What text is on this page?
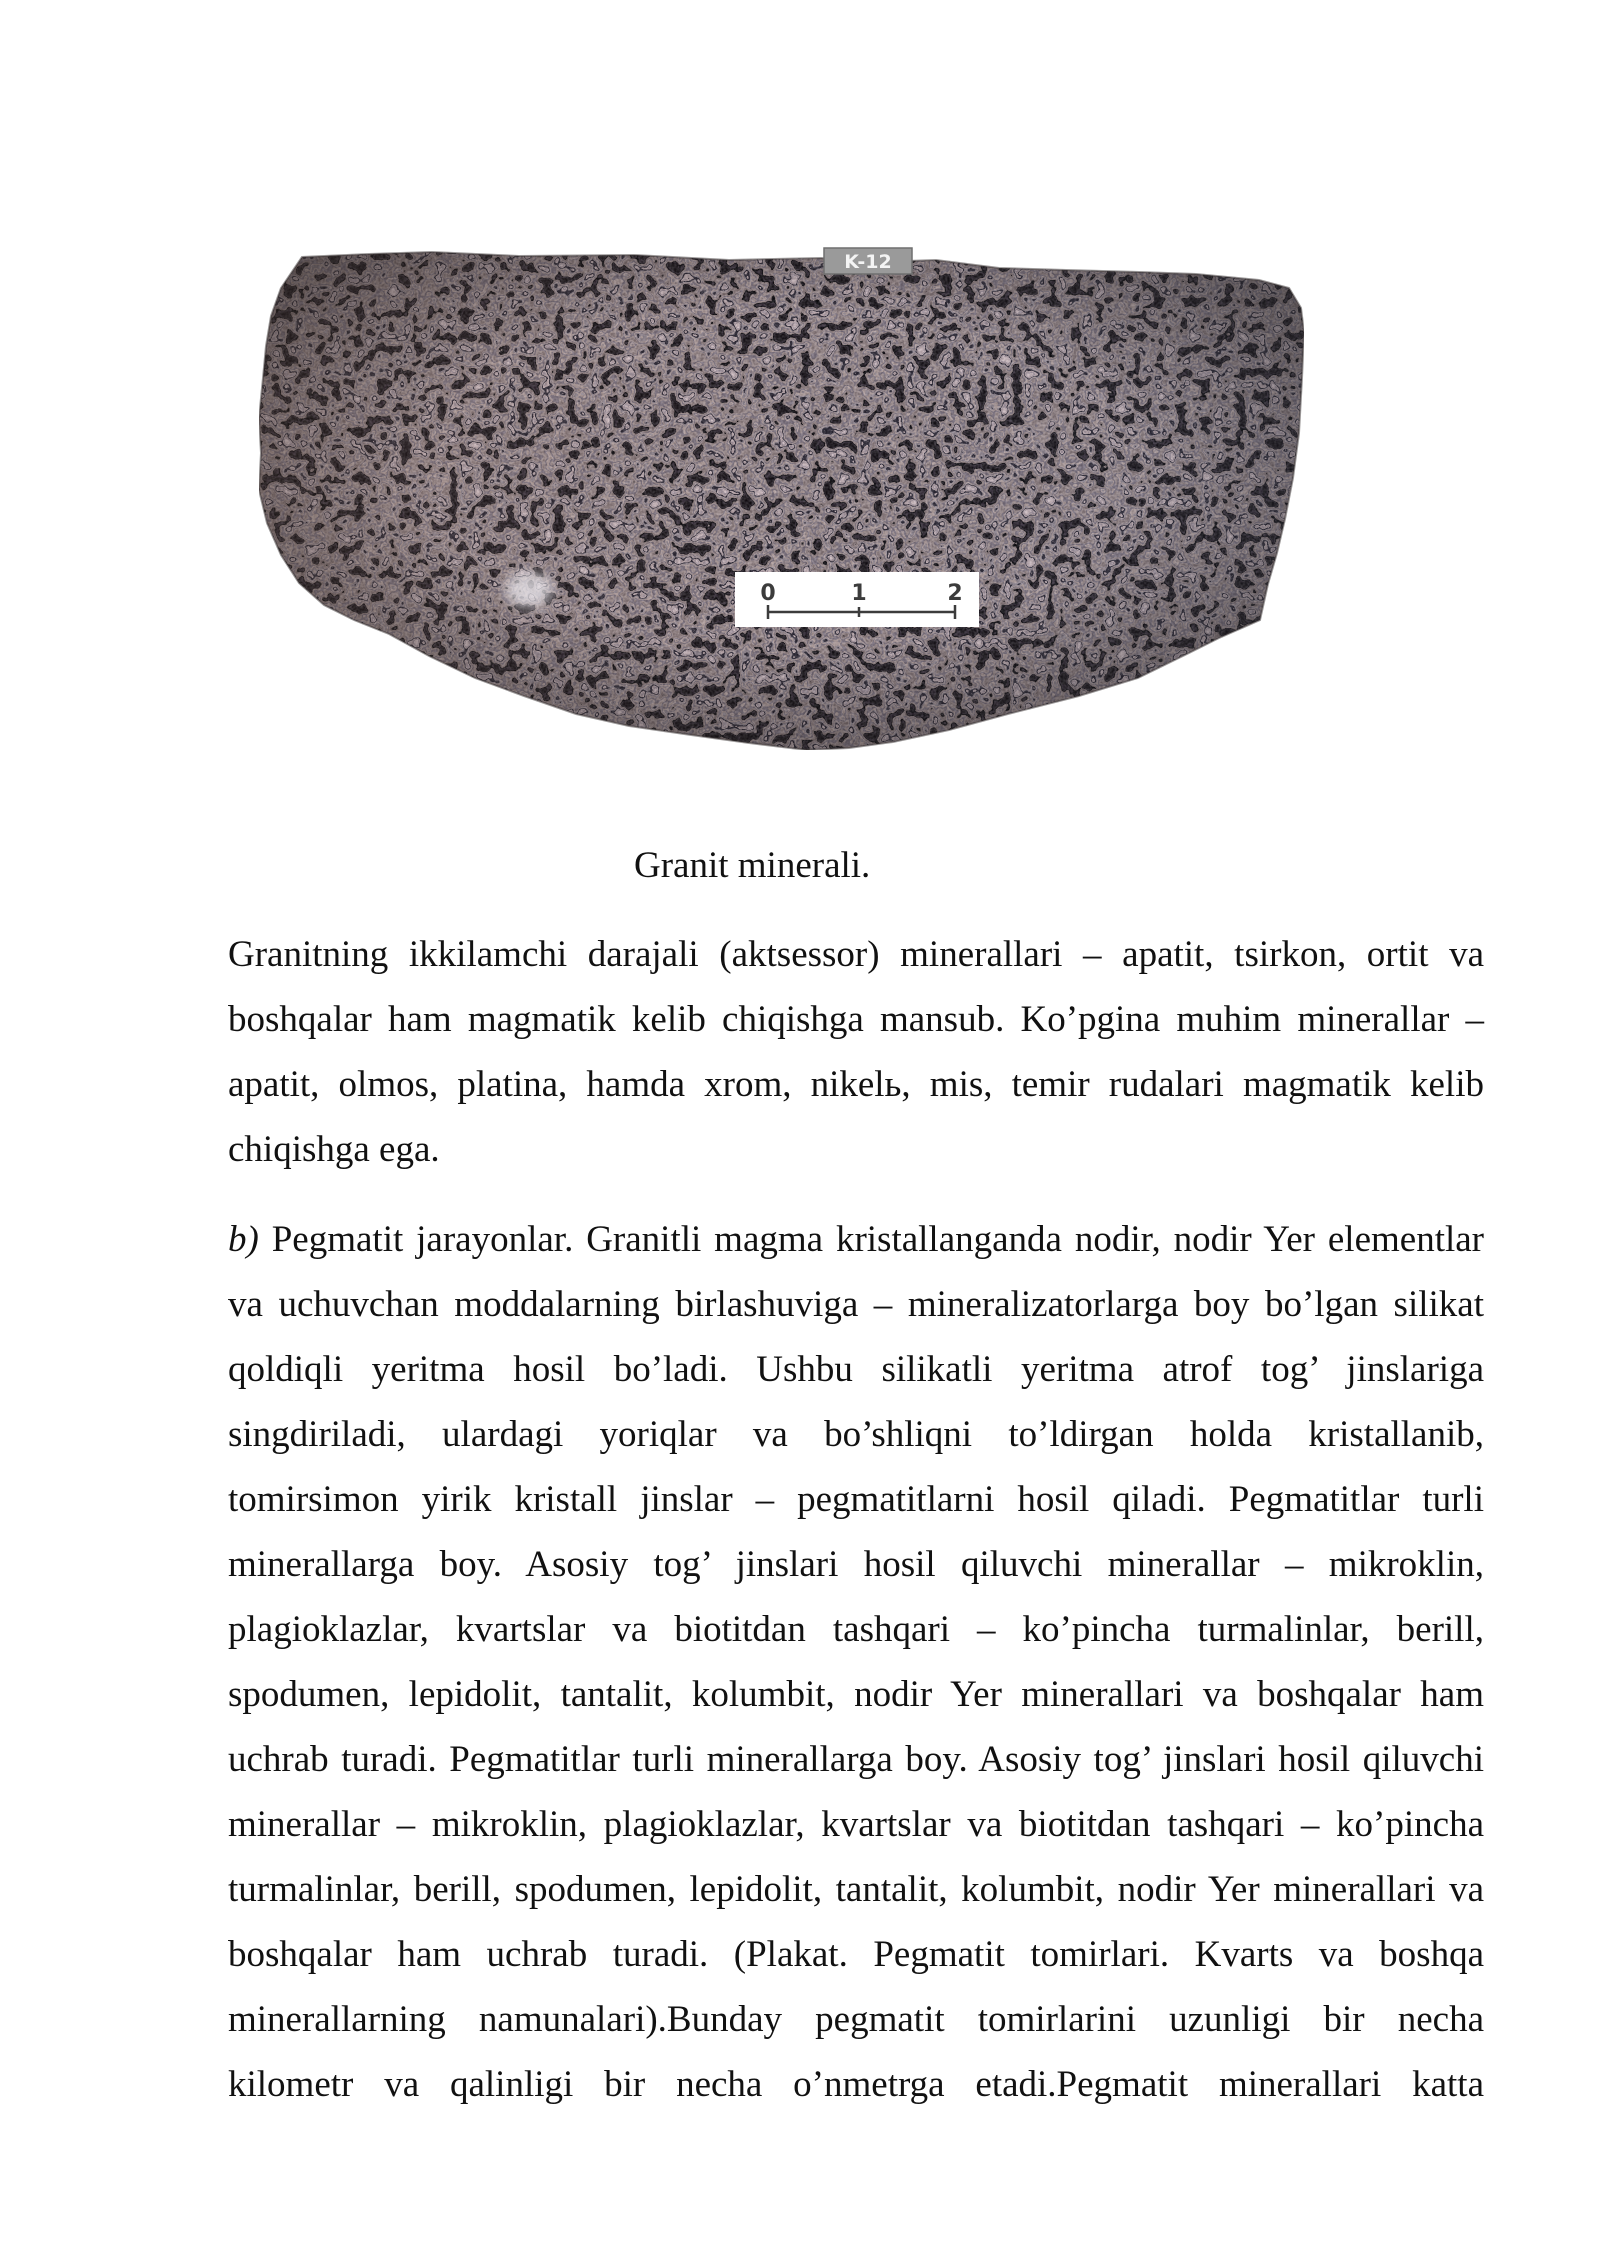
K-12
0	1	2
Granit minerali.
Granitning ikkilamchi darajali (aktsessor) minerallari – apatit, tsirkon, ortit va
boshqalar ham magmatik kelib chiqishga mansub. Ko’pgina muhim minerallar –
apatit, olmos, platina, hamda xrom, nikelь, mis, temir rudalari magmatik kelib
chiqishga ega.
b) Pegmatit jarayonlar. Granitli magma kristallanganda nodir, nodir Yer elementlar
va uchuvchan moddalarning birlashuviga – mineralizatorlarga boy bo’lgan silikat
qoldiqli yeritma hosil bo’ladi. Ushbu silikatli yeritma atrof tog’ jinslariga
singdiriladi, ulardagi yoriqlar va bo’shliqni to’ldirgan holda kristallanib,
tomirsimon yirik kristall jinslar – pegmatitlarni hosil qiladi. Pegmatitlar turli
minerallarga boy. Asosiy tog’ jinslari hosil qiluvchi minerallar – mikroklin,
plagioklazlar, kvartslar va biotitdan tashqari – ko’pincha turmalinlar, berill,
spodumen, lepidolit, tantalit, kolumbit, nodir Yer minerallari va boshqalar ham
uchrab turadi. Pegmatitlar turli minerallarga boy. Asosiy tog’ jinslari hosil qiluvchi
minerallar – mikroklin, plagioklazlar, kvartslar va biotitdan tashqari – ko’pincha
turmalinlar, berill, spodumen, lepidolit, tantalit, kolumbit, nodir Yer minerallari va
boshqalar ham uchrab turadi. (Plakat. Pegmatit tomirlari. Kvarts va boshqa
minerallarning namunalari).Bunday pegmatit tomirlarini uzunligi bir necha
kilometr va qalinligi bir necha o’nmetrga etadi.Pegmatit minerallari katta
